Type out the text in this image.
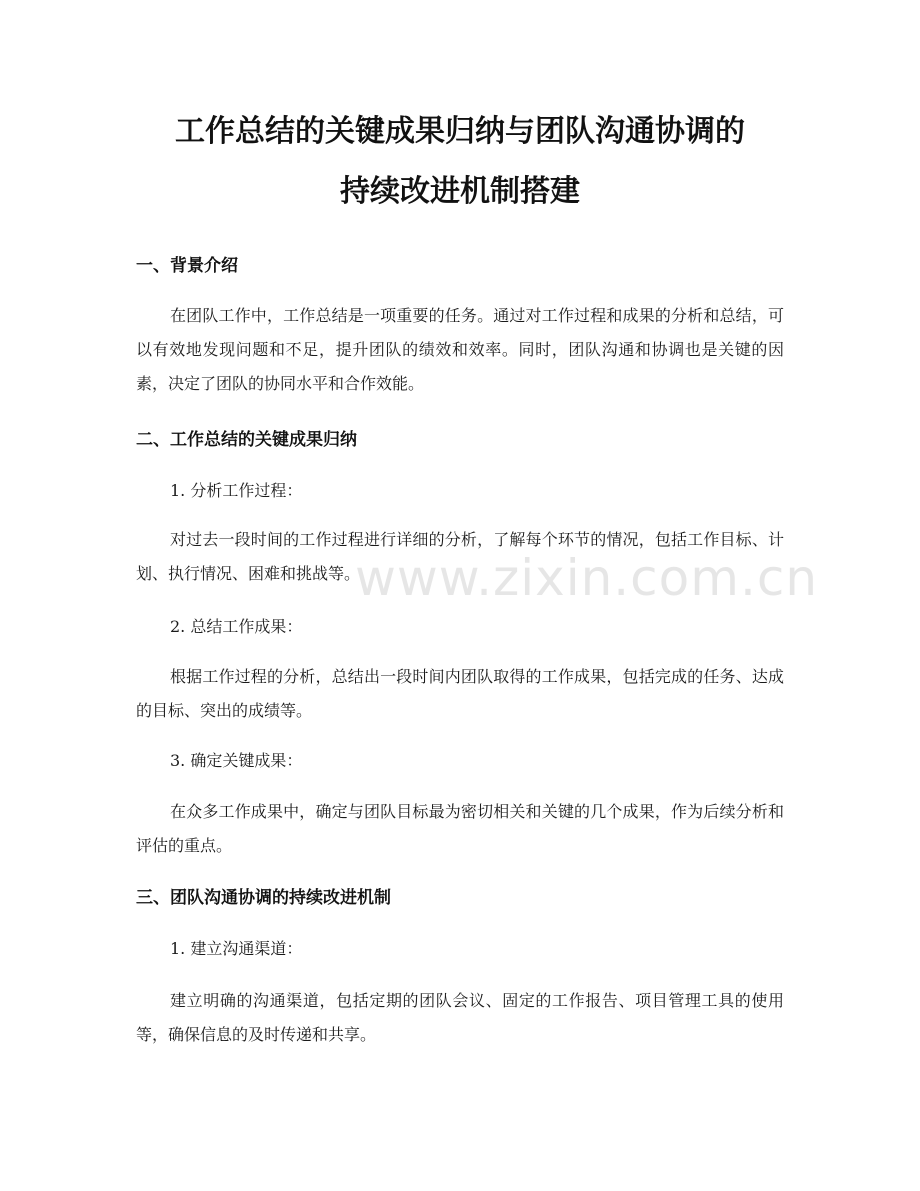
工作总结的关键成果归纳与团队沟通协调的
持续改进机制搭建
一、背景介绍
在团队工作中，工作总结是一项重要的任务。通过对工作过程和成果的分析和总结，可以有效地发现问题和不足，提升团队的绩效和效率。同时，团队沟通和协调也是关键的因素，决定了团队的协同水平和合作效能。
二、工作总结的关键成果归纳
1. 分析工作过程：
对过去一段时间的工作过程进行详细的分析，了解每个环节的情况，包括工作目标、计划、执行情况、困难和挑战等。
2. 总结工作成果：
根据工作过程的分析，总结出一段时间内团队取得的工作成果，包括完成的任务、达成的目标、突出的成绩等。
3. 确定关键成果：
在众多工作成果中，确定与团队目标最为密切相关和关键的几个成果，作为后续分析和评估的重点。
三、团队沟通协调的持续改进机制
1. 建立沟通渠道：
建立明确的沟通渠道，包括定期的团队会议、固定的工作报告、项目管理工具的使用等，确保信息的及时传递和共享。
www.zixin.com.cn
